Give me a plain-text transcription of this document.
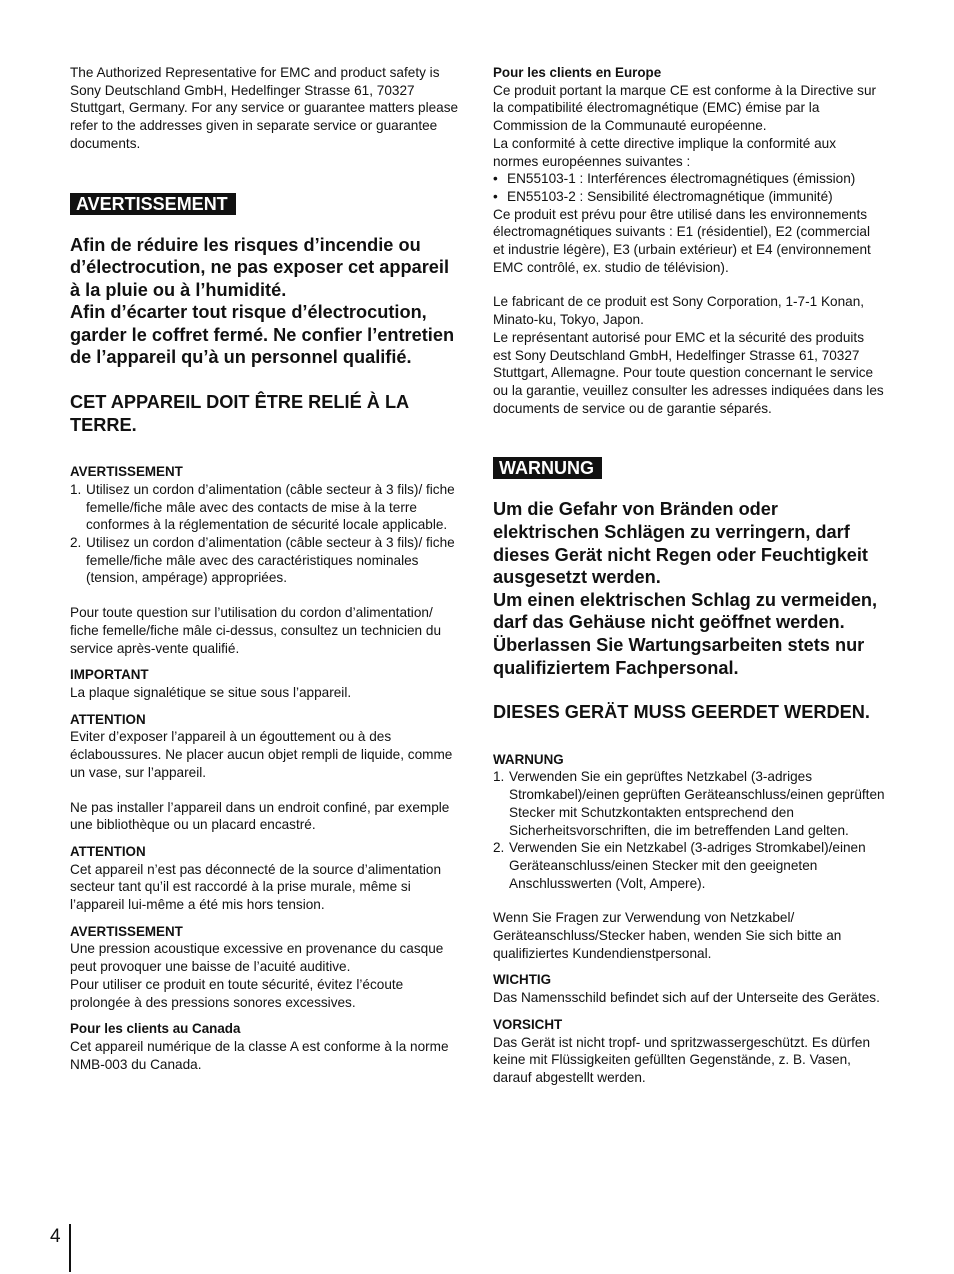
The Authorized Representative for EMC and product safety is Sony Deutschland GmbH, Hedelfinger Strasse 61, 70327 Stuttgart, Germany. For any service or guarantee matters please refer to the addresses given in separate service or guarantee documents.

AVERTISSEMENT

Afin de réduire les risques d’incendie ou d’électrocution, ne pas exposer cet appareil à la pluie ou à l’humidité.

Afin d’écarter tout risque d’électrocution, garder le coffret fermé. Ne confier l’entretien de l’appareil qu’à un personnel qualifié.

CET APPAREIL DOIT ÊTRE RELIÉ À LA TERRE.

AVERTISSEMENT

1. Utilisez un cordon d’alimentation (câble secteur à 3 fils)/ fiche femelle/fiche mâle avec des contacts de mise à la terre conformes à la réglementation de sécurité locale applicable.
2. Utilisez un cordon d’alimentation (câble secteur à 3 fils)/ fiche femelle/fiche mâle avec des caractéristiques nominales (tension, ampérage) appropriées.

Pour toute question sur l’utilisation du cordon d’alimentation/ fiche femelle/fiche mâle ci-dessus, consultez un technicien du service après-vente qualifié.

IMPORTANT

La plaque signalétique se situe sous l’appareil.

ATTENTION

Eviter d’exposer l’appareil à un égouttement ou à des éclaboussures. Ne placer aucun objet rempli de liquide, comme un vase, sur l’appareil.

Ne pas installer l’appareil dans un endroit confiné, par exemple une bibliothèque ou un placard encastré.

ATTENTION

Cet appareil n’est pas déconnecté de la source d’alimentation secteur tant qu’il est raccordé à la prise murale, même si l’appareil lui-même a été mis hors tension.

AVERTISSEMENT

Une pression acoustique excessive en provenance du casque peut provoquer une baisse de l’acuité auditive.

Pour utiliser ce produit en toute sécurité, évitez l’écoute prolongée à des pressions sonores excessives.

Pour les clients au Canada

Cet appareil numérique de la classe A est conforme à la norme NMB-003 du Canada.

Pour les clients en Europe

Ce produit portant la marque CE est conforme à la Directive sur la compatibilité électromagnétique (EMC) émise par la Commission de la Communauté européenne.

La conformité à cette directive implique la conformité aux normes européennes suivantes :

• EN55103-1 : Interférences électromagnétiques (émission)
• EN55103-2 : Sensibilité électromagnétique (immunité)

Ce produit est prévu pour être utilisé dans les environnements électromagnétiques suivants : E1 (résidentiel), E2 (commercial et industrie légère), E3 (urbain extérieur) et E4 (environnement EMC contrôlé, ex. studio de télévision).

Le fabricant de ce produit est Sony Corporation, 1-7-1 Konan, Minato-ku, Tokyo, Japon.

Le représentant autorisé pour EMC et la sécurité des produits est Sony Deutschland GmbH, Hedelfinger Strasse 61, 70327 Stuttgart, Allemagne. Pour toute question concernant le service ou la garantie, veuillez consulter les adresses indiquées dans les documents de service ou de garantie séparés.

WARNUNG

Um die Gefahr von Bränden oder elektrischen Schlägen zu verringern, darf dieses Gerät nicht Regen oder Feuchtigkeit ausgesetzt werden.

Um einen elektrischen Schlag zu vermeiden, darf das Gehäuse nicht geöffnet werden. Überlassen Sie Wartungsarbeiten stets nur qualifiziertem Fachpersonal.

DIESES GERÄT MUSS GEERDET WERDEN.

WARNUNG

1. Verwenden Sie ein geprüftes Netzkabel (3-adriges Stromkabel)/einen geprüften Geräteanschluss/einen geprüften Stecker mit Schutzkontakten entsprechend den Sicherheitsvorschriften, die im betreffenden Land gelten.
2. Verwenden Sie ein Netzkabel (3-adriges Stromkabel)/einen Geräteanschluss/einen Stecker mit den geeigneten Anschlusswerten (Volt, Ampere).

Wenn Sie Fragen zur Verwendung von Netzkabel/ Geräteanschluss/Stecker haben, wenden Sie sich bitte an qualifiziertes Kundendienstpersonal.

WICHTIG

Das Namensschild befindet sich auf der Unterseite des Gerätes.

VORSICHT

Das Gerät ist nicht tropf- und spritzwassergeschützt. Es dürfen keine mit Flüssigkeiten gefüllten Gegenstände, z. B. Vasen, darauf abgestellt werden.

4
